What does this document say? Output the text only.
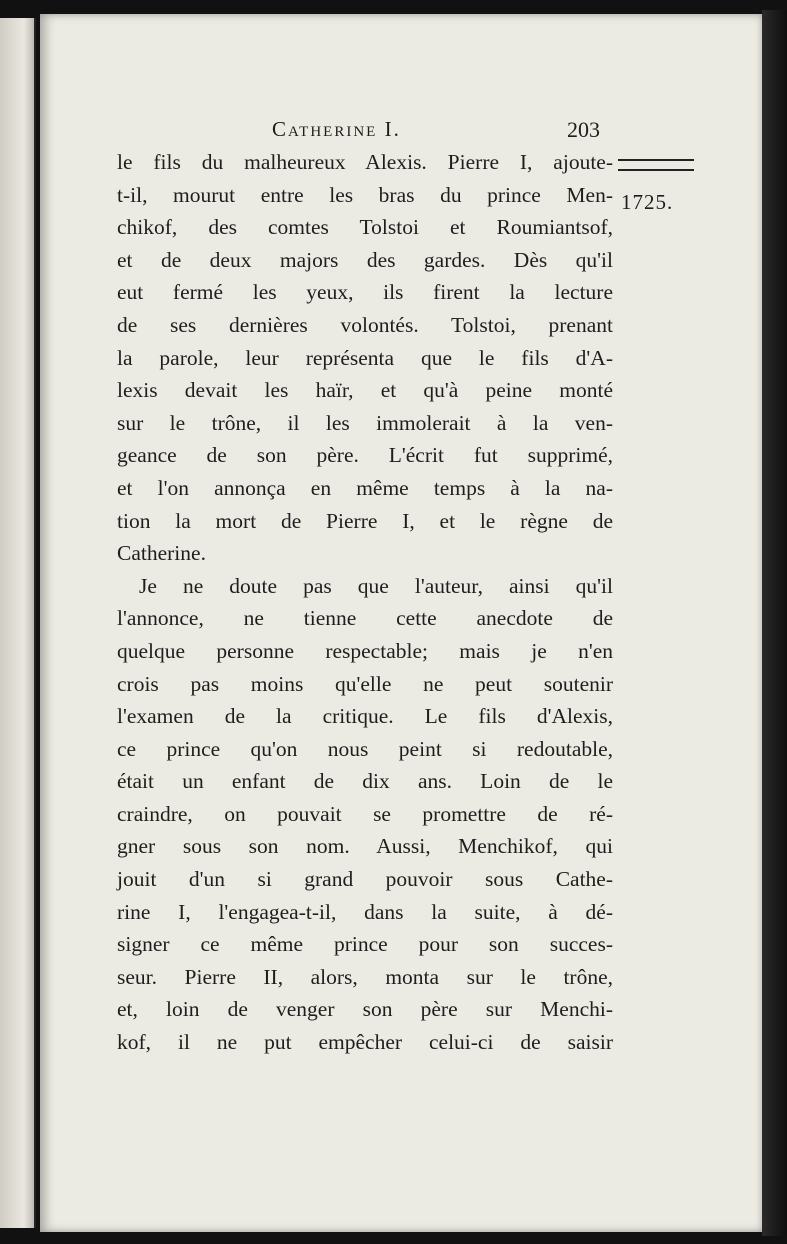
Catherine I.	203
1725.
le fils du malheureux Alexis. Pierre I, ajoute-
t-il, mourut entre les bras du prince Men-
chikof, des comtes Tolstoi et Roumiantsof,
et de deux majors des gardes. Dès qu'il
eut fermé les yeux, ils firent la lecture
de ses dernières volontés. Tolstoi, prenant
la parole, leur représenta que le fils d'A-
lexis devait les haïr, et qu'à peine monté
sur le trône, il les immolerait à la ven-
geance de son père. L'écrit fut supprimé,
et l'on annonça en même temps à la na-
tion la mort de Pierre I, et le règne de
Catherine.
Je ne doute pas que l'auteur, ainsi qu'il
l'annonce, ne tienne cette anecdote de
quelque personne respectable; mais je n'en
crois pas moins qu'elle ne peut soutenir
l'examen de la critique. Le fils d'Alexis,
ce prince qu'on nous peint si redoutable,
était un enfant de dix ans. Loin de le
craindre, on pouvait se promettre de ré-
gner sous son nom. Aussi, Menchikof, qui
jouit d'un si grand pouvoir sous Cathe-
rine I, l'engagea-t-il, dans la suite, à dé-
signer ce même prince pour son succes-
seur. Pierre II, alors, monta sur le trône,
et, loin de venger son père sur Menchi-
kof, il ne put empêcher celui-ci de saisir
